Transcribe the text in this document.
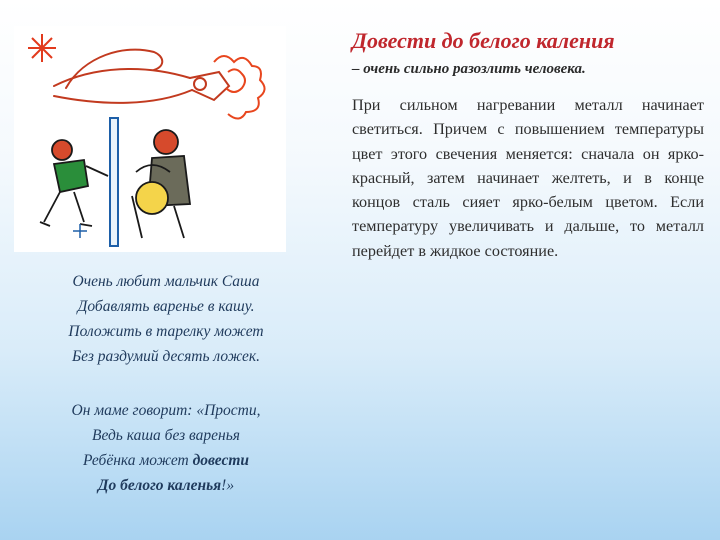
Очень любит мальчик Саша
Добавлять варенье в кашу.
Положить в тарелку может
Без раздумий десять ложек.
Он маме говорит: «Прости,
Ведь каша без варенья
Ребёнка может довести
До белого каленья!»
Довести до белого каления
– очень сильно разозлить человека.

При сильном нагревании металл начинает светиться. Причем с повышением температуры цвет этого свечения меняется: сначала он ярко-красный, затем начинает желтеть, и в конце концов сталь сияет ярко-белым цветом. Если температуру увеличивать и дальше, то металл перейдет в жидкое состояние.
